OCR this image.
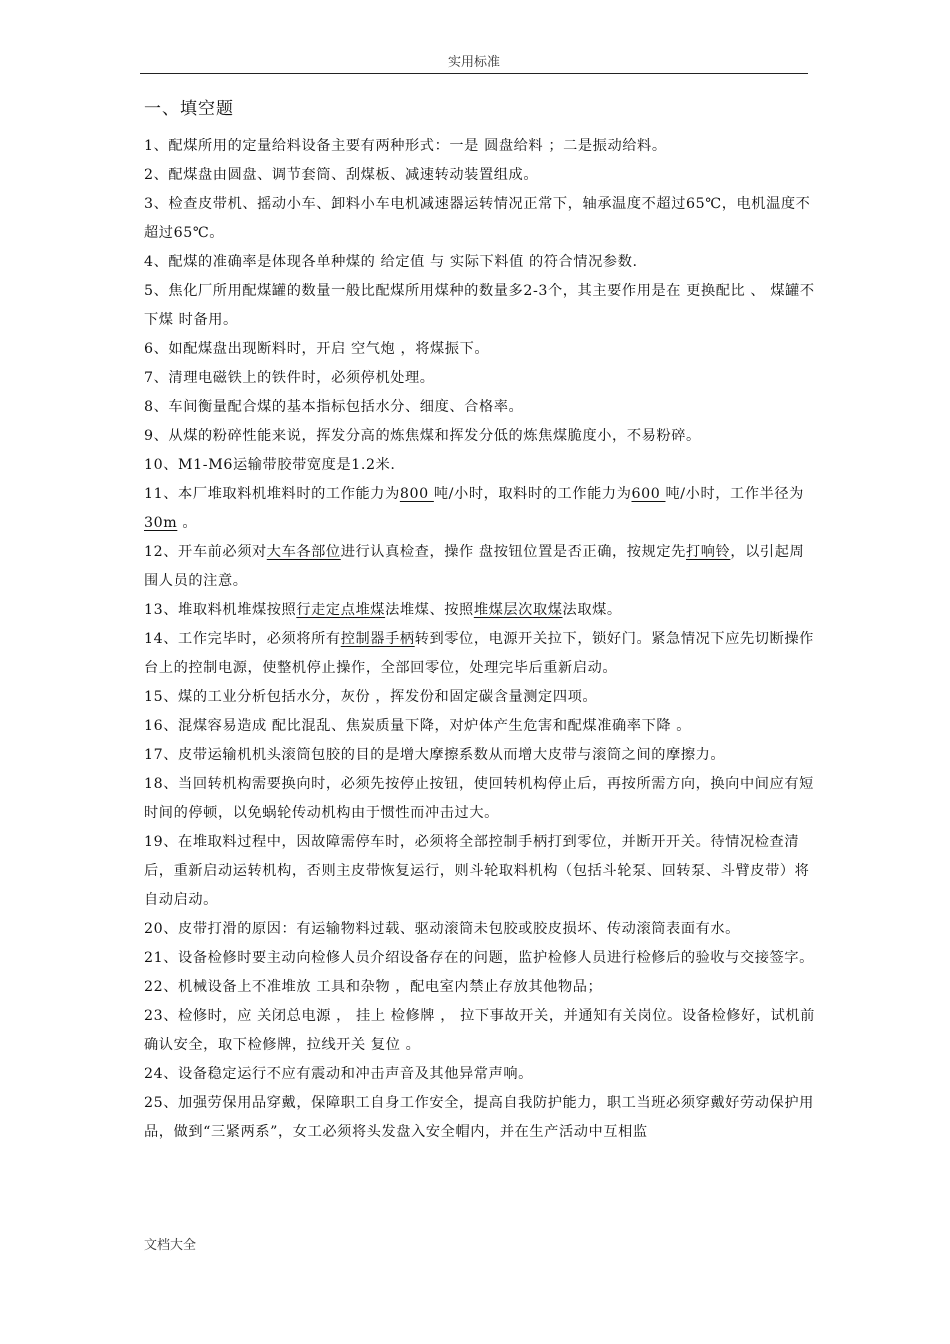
实用标准
一、填空题

1、配煤所用的定量给料设备主要有两种形式：一是 圆盘给料 ；二是振动给料。

2、配煤盘由圆盘、调节套筒、刮煤板、减速转动装置组成。

3、检查皮带机、摇动小车、卸料小车电机减速器运转情况正常下，轴承温度不超过65℃，电机温度不超过65℃。

4、配煤的准确率是体现各单种煤的 给定值 与 实际下料值 的符合情况参数.

5、焦化厂所用配煤罐的数量一般比配煤所用煤种的数量多2-3个，其主要作用是在 更换配比 、 煤罐不下煤 时备用。

6、如配煤盘出现断料时，开启 空气炮 ，将煤振下。

7、清理电磁铁上的铁件时，必须停机处理。

8、车间衡量配合煤的基本指标包括水分、细度、合格率。

9、从煤的粉碎性能来说，挥发分高的炼焦煤和挥发分低的炼焦煤脆度小，不易粉碎。

10、M1-M6运输带胶带宽度是1.2米.

11、本厂堆取料机堆料时的工作能力为800 吨/小时，取料时的工作能力为600 吨/小时，工作半径为 30m 。

12、开车前必须对大车各部位进行认真检查，操作 盘按钮位置是否正确，按规定先打响铃，以引起周围人员的注意。

13、堆取料机堆煤按照行走定点堆煤法堆煤、按照堆煤层次取煤法取煤。

14、工作完毕时，必须将所有控制器手柄转到零位，电源开关拉下，锁好门。紧急情况下应先切断操作台上的控制电源，使整机停止操作，全部回零位，处理完毕后重新启动。

15、煤的工业分析包括水分，灰份 ，挥发份和固定碳含量测定四项。

16、混煤容易造成 配比混乱、焦炭质量下降，对炉体产生危害和配煤准确率下降 。

17、皮带运输机机头滚筒包胶的目的是增大摩擦系数从而增大皮带与滚筒之间的摩擦力。

18、当回转机构需要换向时，必须先按停止按钮，使回转机构停止后，再按所需方向，换向中间应有短时间的停顿，以免蜗轮传动机构由于惯性而冲击过大。

19、在堆取料过程中，因故障需停车时，必须将全部控制手柄打到零位，并断开开关。待情况检查清后，重新启动运转机构，否则主皮带恢复运行，则斗轮取料机构（包括斗轮泵、回转泵、斗臂皮带）将自动启动。

20、皮带打滑的原因：有运输物料过载、驱动滚筒未包胶或胶皮损坏、传动滚筒表面有水。

21、设备检修时要主动向检修人员介绍设备存在的问题，监护检修人员进行检修后的验收与交接签字。

22、机械设备上不准堆放 工具和杂物 ，配电室内禁止存放其他物品；

23、检修时，应 关闭总电源 ， 挂上 检修牌 ， 拉下事故开关，并通知有关岗位。设备检修好，试机前确认安全，取下检修牌，拉线开关 复位 。

24、设备稳定运行不应有震动和冲击声音及其他异常声响。

25、加强劳保用品穿戴，保障职工自身工作安全，提高自我防护能力，职工当班必须穿戴好劳动保护用品，做到“三紧两系”，女工必须将头发盘入安全帽内，并在生产活动中互相监

文档大全
